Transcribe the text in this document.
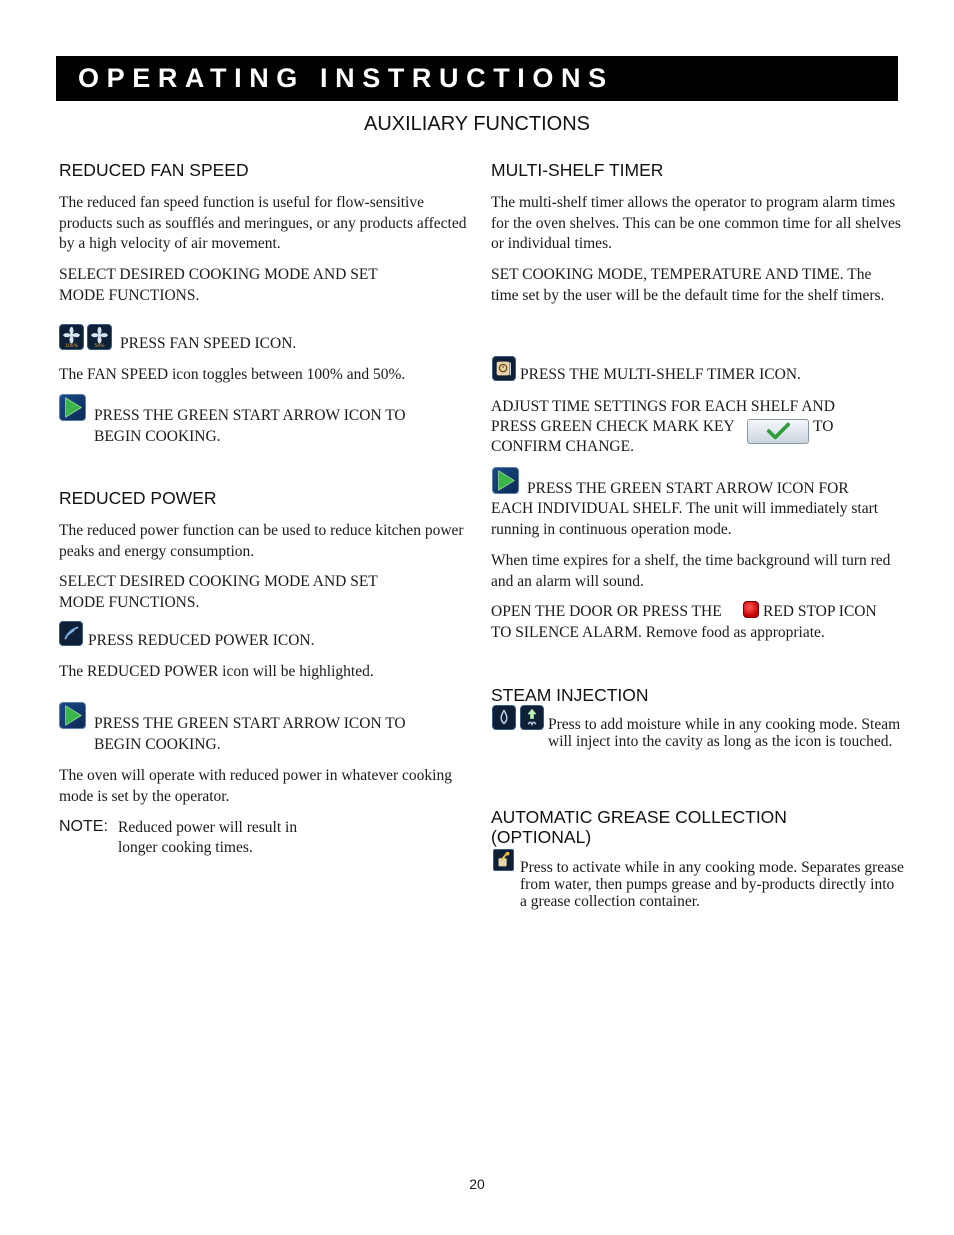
OPERATING INSTRUCTIONS
AUXILIARY FUNCTIONS
REDUCED FAN SPEED

The reduced fan speed function is useful for flow-sensitive products such as soufflés and meringues, or any products affected by a high velocity of air movement.

SELECT DESIRED COOKING MODE AND SET MODE FUNCTIONS.

100%	50% PRESS FAN SPEED ICON.

The FAN SPEED icon toggles between 100% and 50%.

PRESS THE GREEN START ARROW ICON TO BEGIN COOKING.

REDUCED POWER

The reduced power function can be used to reduce kitchen power peaks and energy consumption.

SELECT DESIRED COOKING MODE AND SET MODE FUNCTIONS.

PRESS REDUCED POWER ICON.

The REDUCED POWER icon will be highlighted.

PRESS THE GREEN START ARROW ICON TO BEGIN COOKING.

The oven will operate with reduced power in whatever cooking mode is set by the operator.

NOTE: Reduced power will result in

longer cooking times.

MULTI-SHELF TIMER

The multi-shelf timer allows the operator to program alarm times for the oven shelves. This can be one common time for all shelves or individual times.

SET COOKING MODE, TEMPERATURE AND TIME. The time set by the user will be the default time for the shelf timers.

PRESS THE MULTI-SHELF TIMER ICON.

ADJUST TIME SETTINGS FOR EACH SHELF AND

PRESS GREEN CHECK MARK KEY	TO

CONFIRM CHANGE.

PRESS THE GREEN START ARROW ICON FOR

EACH INDIVIDUAL SHELF. The unit will immediately start running in continuous operation mode.

When time expires for a shelf, the time background will turn red and an alarm will sound.

OPEN THE DOOR OR PRESS THE	RED STOP ICON

TO SILENCE ALARM. Remove food as appropriate.

STEAM INJECTION

Press to add moisture while in any cooking mode. Steam will inject into the cavity as long as the icon is touched.

AUTOMATIC GREASE COLLECTION
(OPTIONAL)

Press to activate while in any cooking mode. Separates grease from water, then pumps grease and by-products directly into a grease collection container.

20
